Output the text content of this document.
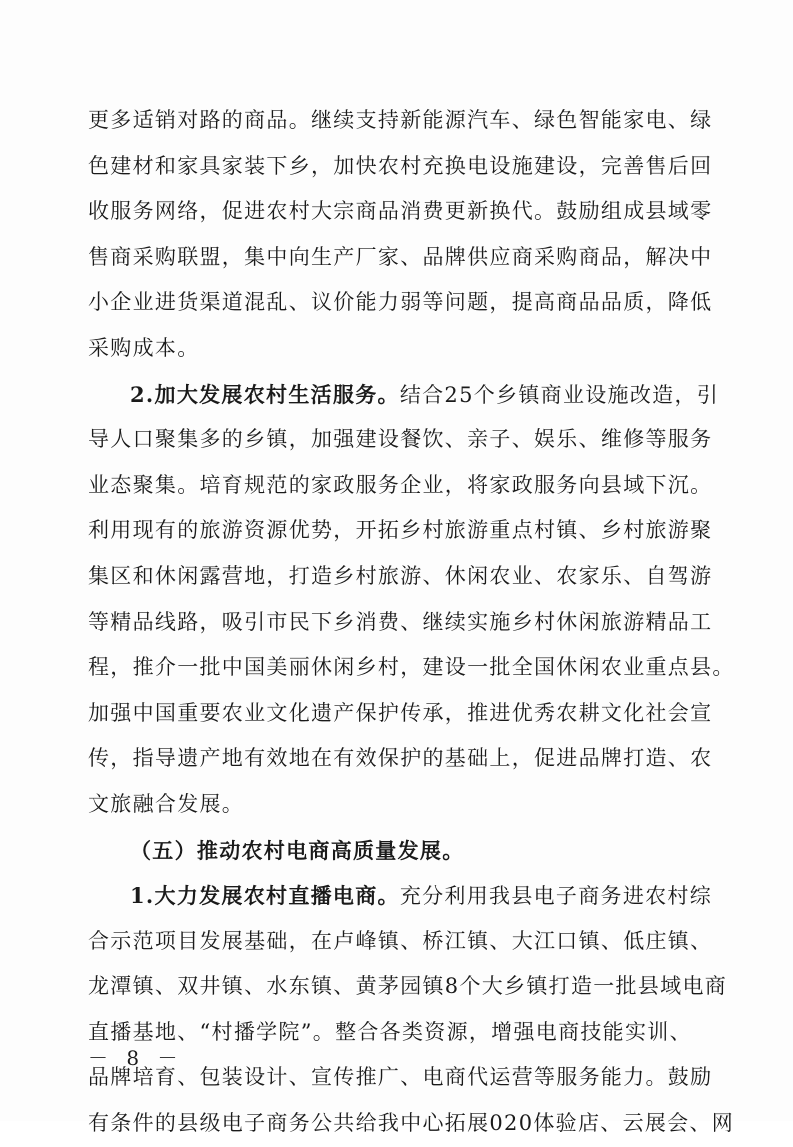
更多适销对路的商品。继续支持新能源汽车、绿色智能家电、绿
色建材和家具家装下乡，加快农村充换电设施建设，完善售后回
收服务网络，促进农村大宗商品消费更新换代。鼓励组成县域零
售商采购联盟，集中向生产厂家、品牌供应商采购商品，解决中
小企业进货渠道混乱、议价能力弱等问题，提高商品品质，降低
采购成本。
2.加大发展农村生活服务。结合25个乡镇商业设施改造，引
导人口聚集多的乡镇，加强建设餐饮、亲子、娱乐、维修等服务
业态聚集。培育规范的家政服务企业，将家政服务向县域下沉。
利用现有的旅游资源优势，开拓乡村旅游重点村镇、乡村旅游聚
集区和休闲露营地，打造乡村旅游、休闲农业、农家乐、自驾游
等精品线路，吸引市民下乡消费、继续实施乡村休闲旅游精品工
程，推介一批中国美丽休闲乡村，建设一批全国休闲农业重点县。
加强中国重要农业文化遗产保护传承，推进优秀农耕文化社会宣
传，指导遗产地有效地在有效保护的基础上，促进品牌打造、农
文旅融合发展。
（五）推动农村电商高质量发展。
1.大力发展农村直播电商。充分利用我县电子商务进农村综
合示范项目发展基础，在卢峰镇、桥江镇、大江口镇、低庄镇、
龙潭镇、双井镇、水东镇、黄茅园镇8个大乡镇打造一批县域电商
直播基地、“村播学院”。整合各类资源，增强电商技能实训、
品牌培育、包装设计、宣传推广、电商代运营等服务能力。鼓励
有条件的县级电子商务公共给我中心拓展020体验店、云展会、网
－ 8 －
